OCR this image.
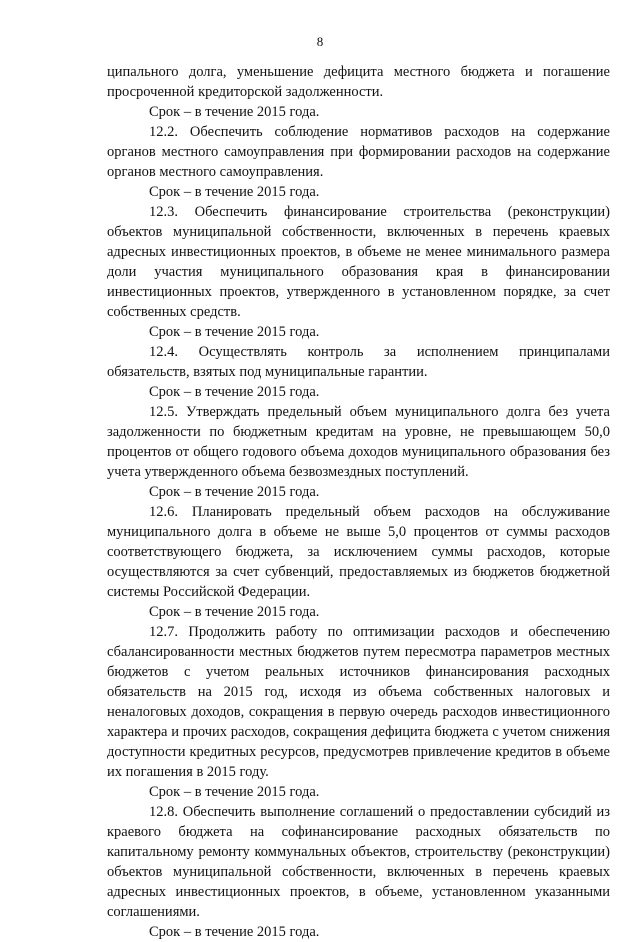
8

ципального долга, уменьшение дефицита местного бюджета и погашение просроченной кредиторской задолженности.

Срок – в течение 2015 года.

12.2. Обеспечить соблюдение нормативов расходов на содержание органов местного самоуправления при формировании расходов на содержание органов местного самоуправления.

Срок – в течение 2015 года.

12.3. Обеспечить финансирование строительства (реконструкции) объектов муниципальной собственности, включенных в перечень краевых адресных инвестиционных проектов, в объеме не менее минимального размера доли участия муниципального образования края в финансировании инвестиционных проектов, утвержденного в установленном порядке, за счет собственных средств.

Срок – в течение 2015 года.

12.4. Осуществлять контроль за исполнением принципалами обязательств, взятых под муниципальные гарантии.

Срок – в течение 2015 года.

12.5. Утверждать предельный объем муниципального долга без учета задолженности по бюджетным кредитам на уровне, не превышающем 50,0 процентов от общего годового объема доходов муниципального образования без учета утвержденного объема безвозмездных поступлений.

Срок – в течение 2015 года.

12.6. Планировать предельный объем расходов на обслуживание муниципального долга в объеме не выше 5,0 процентов от суммы расходов соответствующего бюджета, за исключением суммы расходов, которые осуществляются за счет субвенций, предоставляемых из бюджетов бюджетной системы Российской Федерации.

Срок – в течение 2015 года.

12.7. Продолжить работу по оптимизации расходов и обеспечению сбалансированности местных бюджетов путем пересмотра параметров местных бюджетов с учетом реальных источников финансирования расходных обязательств на 2015 год, исходя из объема собственных налоговых и неналоговых доходов, сокращения в первую очередь расходов инвестиционного характера и прочих расходов, сокращения дефицита бюджета с учетом снижения доступности кредитных ресурсов, предусмотрев привлечение кредитов в объеме их погашения в 2015 году.

Срок – в течение 2015 года.

12.8. Обеспечить выполнение соглашений о предоставлении субсидий из краевого бюджета на софинансирование расходных обязательств по капитальному ремонту коммунальных объектов, строительству (реконструкции) объектов муниципальной собственности, включенных в перечень краевых адресных инвестиционных проектов, в объеме, установленном указанными соглашениями.

Срок – в течение 2015 года.
